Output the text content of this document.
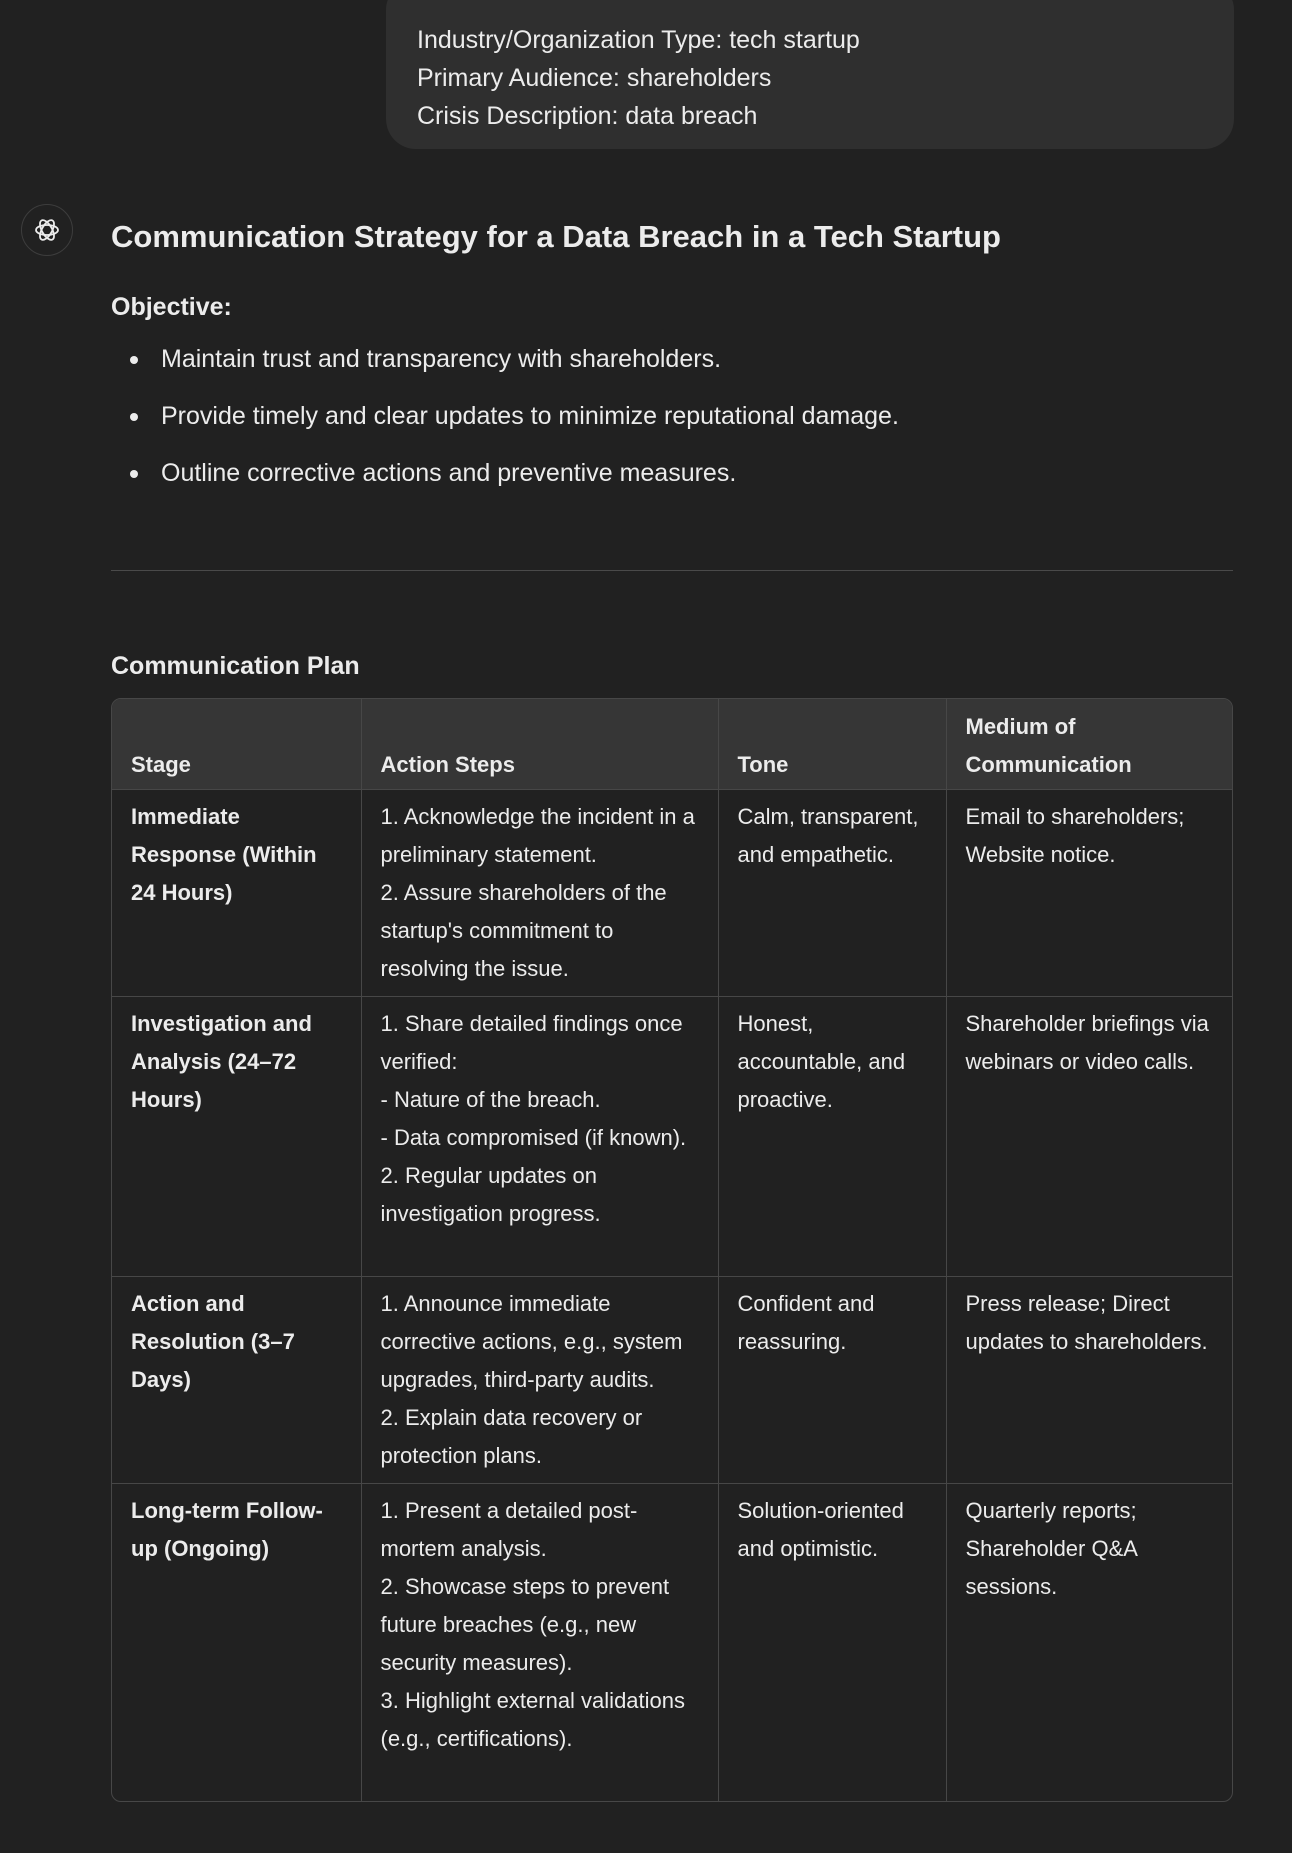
Industry/Organization Type: tech startup
Primary Audience: shareholders
Crisis Description: data breach
Communication Strategy for a Data Breach in a Tech Startup
Objective:
Maintain trust and transparency with shareholders.
Provide timely and clear updates to minimize reputational damage.
Outline corrective actions and preventive measures.
Communication Plan
Stage	Action Steps	Tone	Medium of Communication
Immediate Response (Within 24 Hours)	1. Acknowledge the incident in a preliminary statement.
2. Assure shareholders of the startup's commitment to resolving the issue.	Calm, transparent, and empathetic.	Email to shareholders; Website notice.
Investigation and Analysis (24–72 Hours)	1. Share detailed findings once verified:
- Nature of the breach.
- Data compromised (if known).
2. Regular updates on investigation progress.	Honest, accountable, and proactive.	Shareholder briefings via webinars or video calls.
Action and Resolution (3–7 Days)	1. Announce immediate corrective actions, e.g., system upgrades, third-party audits.
2. Explain data recovery or protection plans.	Confident and reassuring.	Press release; Direct updates to shareholders.
Long-term Follow-up (Ongoing)	1. Present a detailed post-mortem analysis.
2. Showcase steps to prevent future breaches (e.g., new security measures).
3. Highlight external validations (e.g., certifications).	Solution-oriented and optimistic.	Quarterly reports; Shareholder Q&A sessions.
